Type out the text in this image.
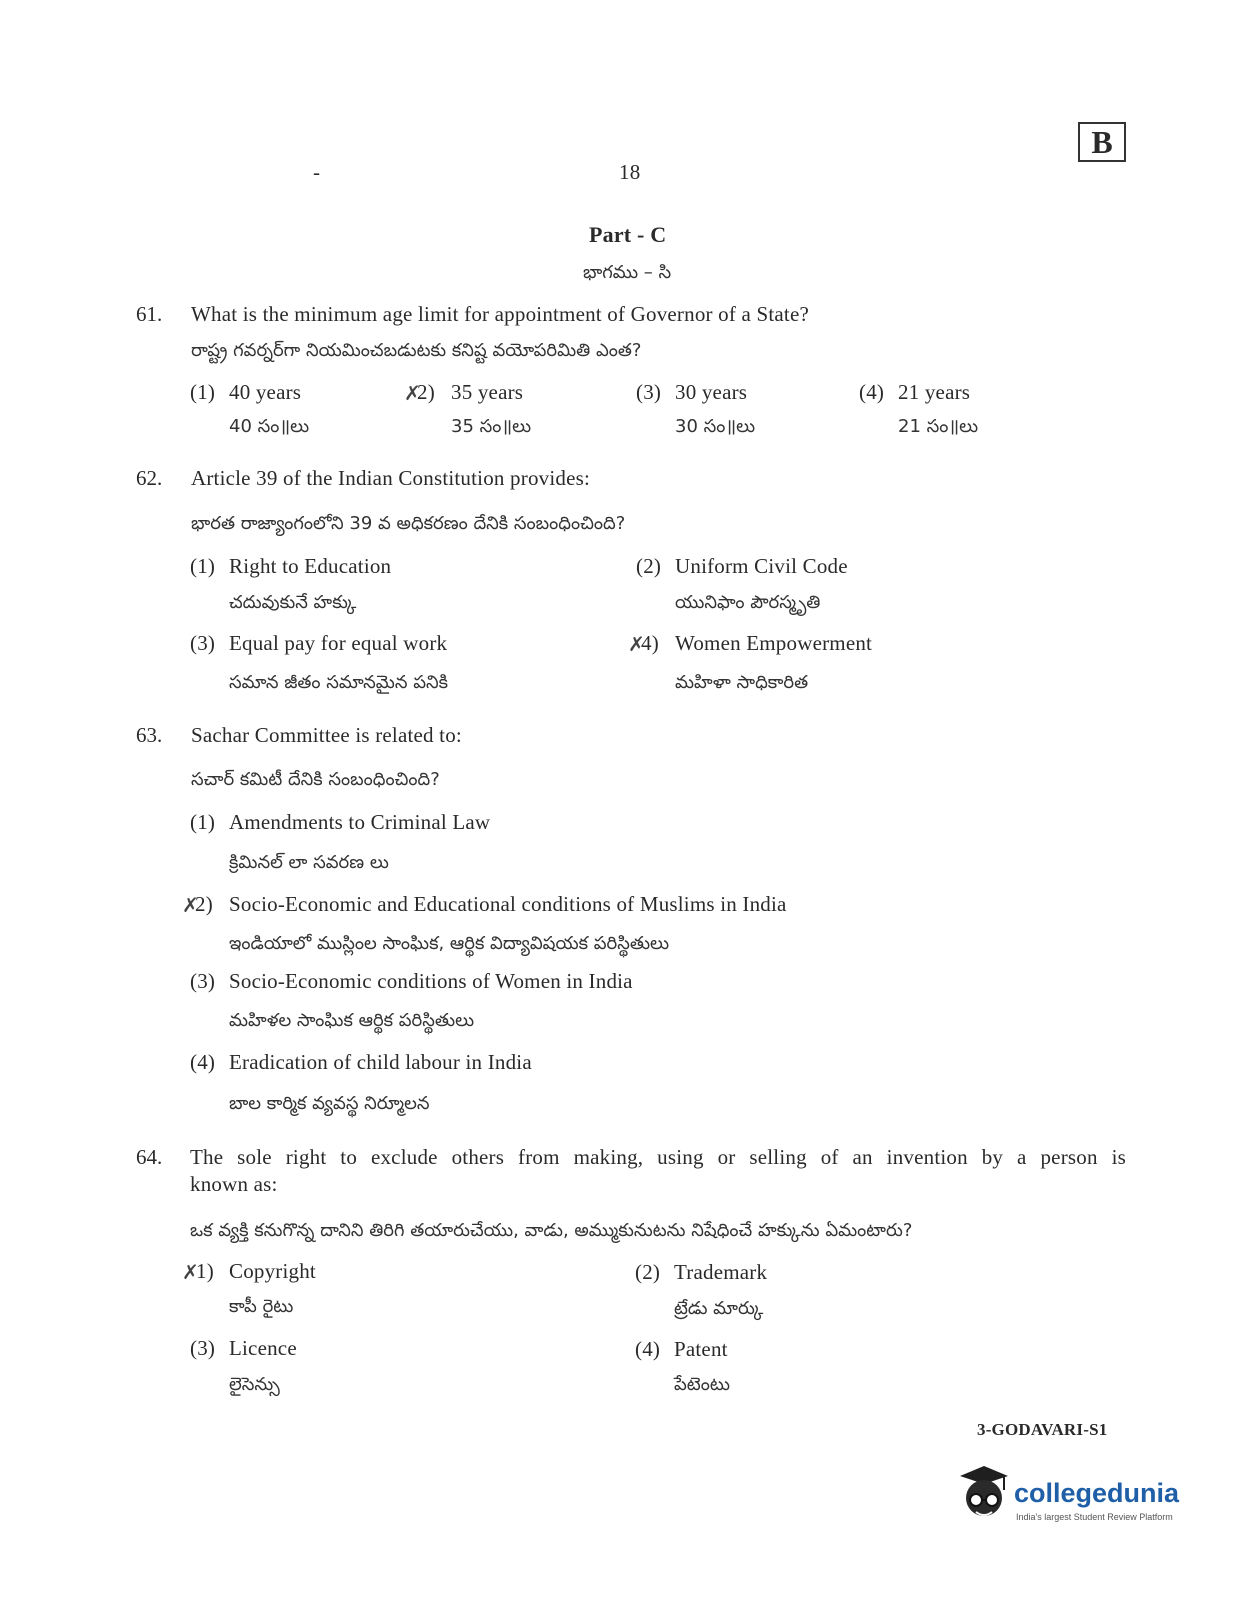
B
-	18
Part - C
భాగము – సి
61. What is the minimum age limit for appointment of Governor of a State?
రాష్ట్ర గవర్నర్‌గా నియమించబడుటకు కనిష్ట వయోపరిమితి ఎంత?
(1) 40 years
40 సం॥లు
✗
2) 35 years
35 సం॥లు
(3) 30 years
30 సం॥లు
(4) 21 years
21 సం॥లు
62. Article 39 of the Indian Constitution provides:
భారత రాజ్యాంగంలోని 39 వ అధికరణం దేనికి సంబంధించింది?
(1) Right to Education
చదువుకునే హక్కు
(2) Uniform Civil Code
యునిఫాం పౌరస్మృతి
(3) Equal pay for equal work
సమాన జీతం సమానమైన పనికి
✗
4) Women Empowerment
మహిళా సాధికారిత
63. Sachar Committee is related to:
సచార్ కమిటీ దేనికి సంబంధించింది?
(1) Amendments to Criminal Law
క్రిమినల్ లా సవరణ లు
✗
2) Socio-Economic and Educational conditions of Muslims in India
ఇండియాలో ముస్లింల సాంఘిక, ఆర్థిక విద్యావిషయక పరిస్థితులు
(3) Socio-Economic conditions of Women in India
మహిళల సాంఘిక ఆర్థిక పరిస్థితులు
(4) Eradication of child labour in India
బాల కార్మిక వ్యవస్థ నిర్మూలన
64. The sole right to exclude others from making, using or selling of an invention by a person is
known as:
ఒక వ్యక్తి కనుగొన్న దానిని తిరిగి తయారుచేయు, వాడు, అమ్ముకునుటను నిషేధించే హక్కును ఏమంటారు?
✗
1) Copyright
కాపీ రైటు
(2) Trademark
ట్రేడు మార్కు
(3) Licence
లైసెన్సు
(4) Patent
పేటెంటు
3-GODAVARI-S1
collegedunia
India's largest Student Review Platform
